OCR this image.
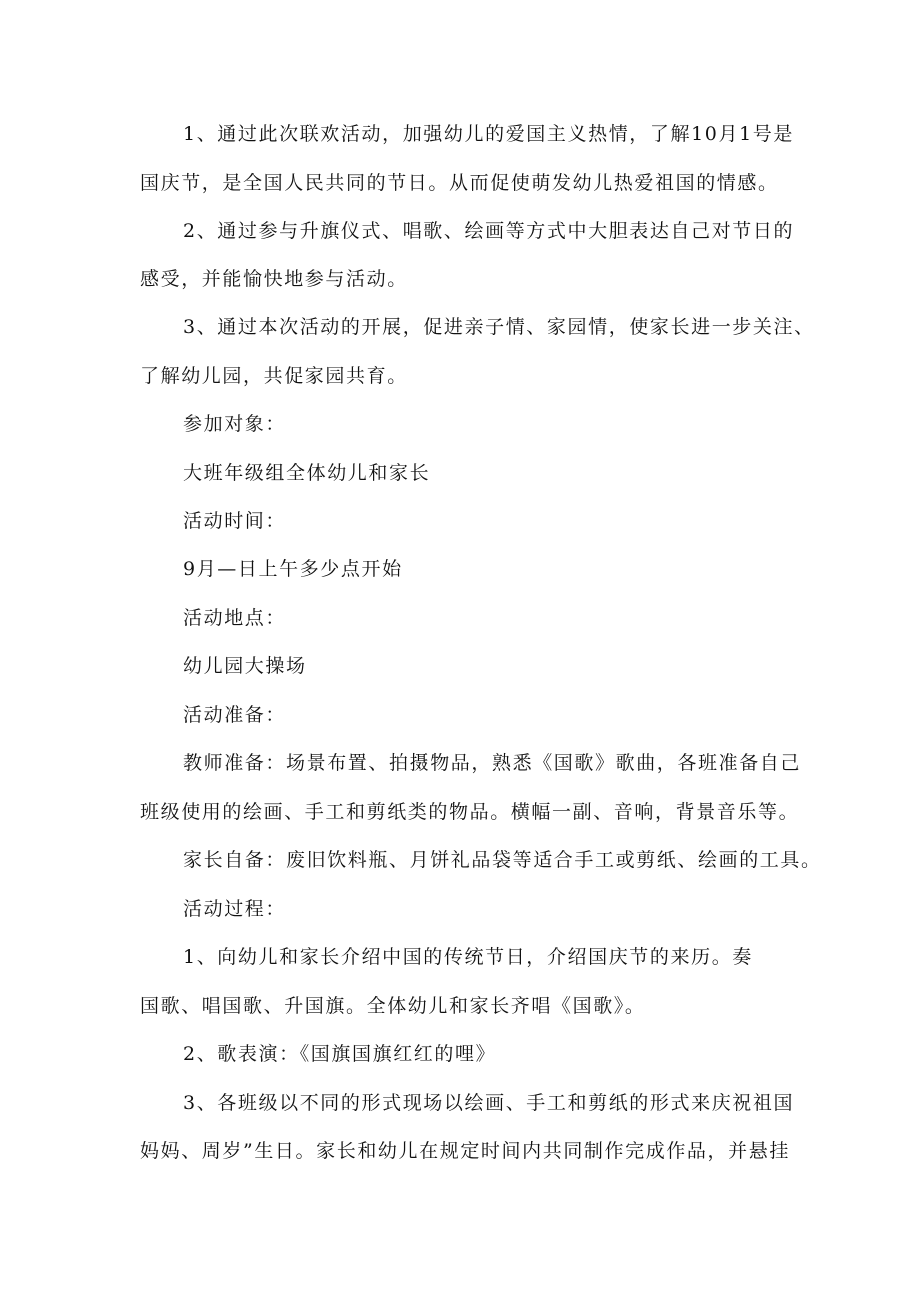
1、通过此次联欢活动，加强幼儿的爱国主义热情，了解10月1号是

国庆节，是全国人民共同的节日。从而促使萌发幼儿热爱祖国的情感。

2、通过参与升旗仪式、唱歌、绘画等方式中大胆表达自己对节日的

感受，并能愉快地参与活动。

3、通过本次活动的开展，促进亲子情、家园情，使家长进一步关注、

了解幼儿园，共促家园共育。

参加对象：

大班年级组全体幼儿和家长

活动时间：

9月—日上午多少点开始

活动地点：

幼儿园大操场

活动准备：

教师准备：场景布置、拍摄物品，熟悉《国歌》歌曲，各班准备自己

班级使用的绘画、手工和剪纸类的物品。横幅一副、音响，背景音乐等。

家长自备：废旧饮料瓶、月饼礼品袋等适合手工或剪纸、绘画的工具。

活动过程：

1、向幼儿和家长介绍中国的传统节日，介绍国庆节的来历。奏

国歌、唱国歌、升国旗。全体幼儿和家长齐唱《国歌》。

2、歌表演：《国旗国旗红红的哩》

3、各班级以不同的形式现场以绘画、手工和剪纸的形式来庆祝祖国

妈妈、周岁”生日。家长和幼儿在规定时间内共同制作完成作品，并悬挂
